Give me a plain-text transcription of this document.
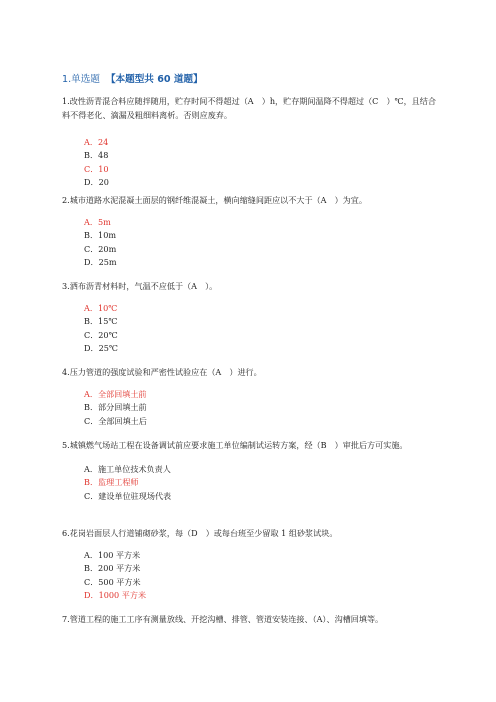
1.单选题 【本题型共 60 道题】
1.改性沥青混合料应随拌随用，贮存时间不得超过（A　）h，贮存期间温降不得超过（C　）℃，且结合料不得老化、滴漏及粗细料离析。否则应废弃。
A．24
B．48
C．10
D．20
2.城市道路水泥混凝土面层的钢纤维混凝土，横向缩缝间距应以不大于（A　）为宜。
A．5m
B．10m
C．20m
D．25m
3.洒布沥青材料时，气温不应低于（A　）。
A．10℃
B．15℃
C．20℃
D．25℃
4.压力管道的强度试验和严密性试验应在（A　）进行。
A．全部回填土前
B．部分回填土前
C．全部回填土后
5.城镇燃气场站工程在设备调试前应要求施工单位编制试运转方案，经（B　）审批后方可实施。
A．施工单位技术负责人
B．监理工程师
C．建设单位驻现场代表
6.花岗岩面层人行道铺砌砂浆，每（D　）或每台班至少留取 1 组砂浆试块。
A．100 平方米
B．200 平方米
C．500 平方米
D．1000 平方米
7.管道工程的施工工序有测量放线、开挖沟槽、排管、管道安装连接、（A）、沟槽回填等。
